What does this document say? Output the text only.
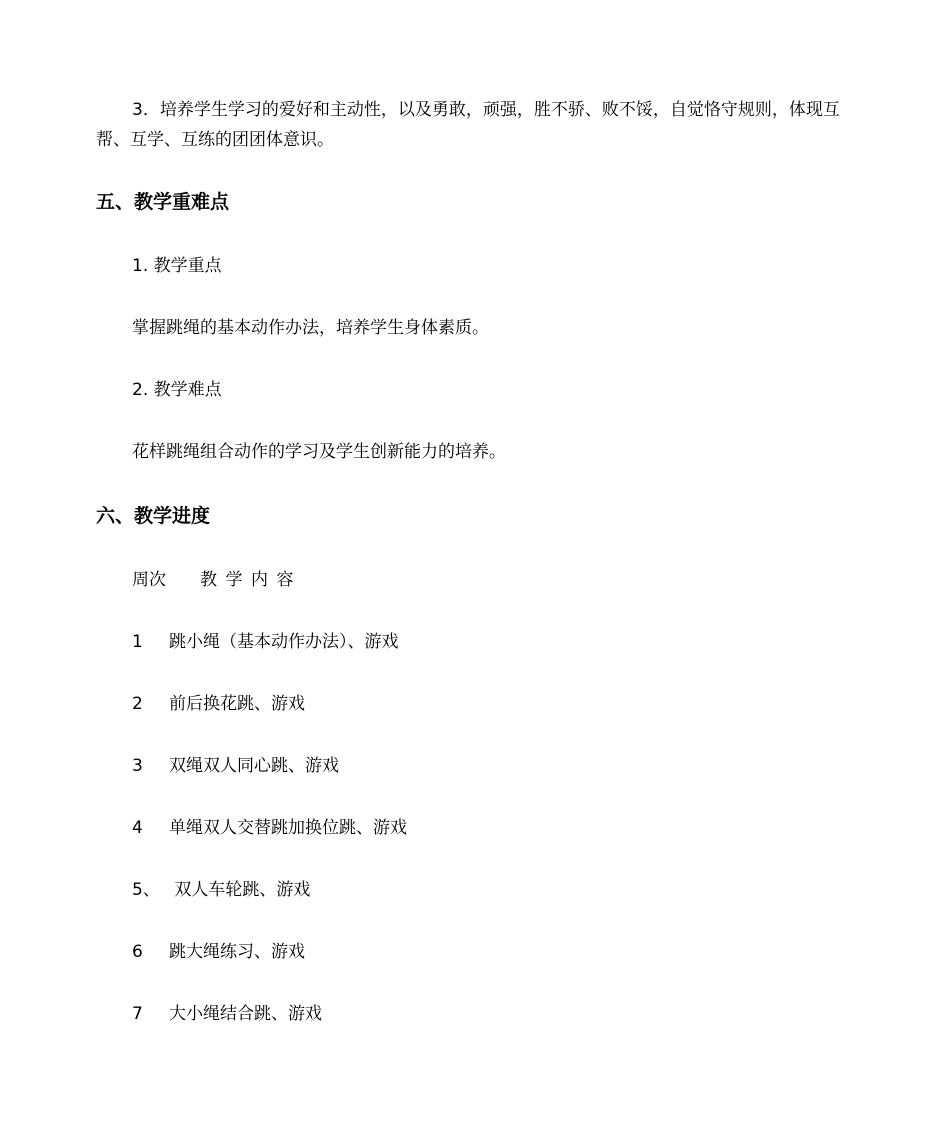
3．培养学生学习的爱好和主动性，以及勇敢，顽强，胜不骄、败不馁，自觉恪守规则，体现互帮、互学、互练的团团体意识。

五、教学重难点

1. 教学重点

掌握跳绳的基本动作办法，培养学生身体素质。

2. 教学难点

花样跳绳组合动作的学习及学生创新能力的培养。

六、教学进度
周次 教学内容
1 跳小绳（基本动作办法）、游戏
2 前后换花跳、游戏
3 双绳双人同心跳、游戏
4 单绳双人交替跳加换位跳、游戏
5、 双人车轮跳、游戏
6 跳大绳练习、游戏
7 大小绳结合跳、游戏
